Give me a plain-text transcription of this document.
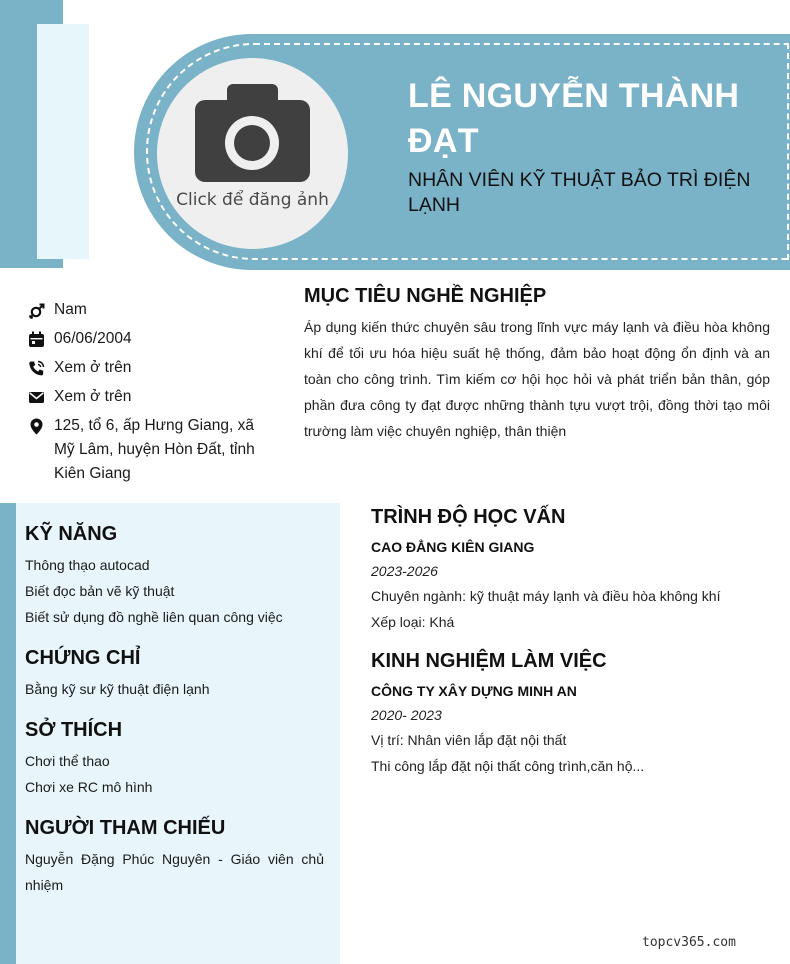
Click để đăng ảnh
LÊ NGUYỄN THÀNH ĐẠT
NHÂN VIÊN KỸ THUẬT BẢO TRÌ ĐIỆN LẠNH
Nam
06/06/2004
Xem ở trên
Xem ở trên
125, tổ 6, ấp Hưng Giang, xã Mỹ Lâm, huyện Hòn Đất, tỉnh Kiên Giang
MỤC TIÊU NGHỀ NGHIỆP
Áp dụng kiến thức chuyên sâu trong lĩnh vực máy lạnh và điều hòa không khí để tối ưu hóa hiệu suất hệ thống, đảm bảo hoạt động ổn định và an toàn cho công trình. Tìm kiếm cơ hội học hỏi và phát triển bản thân, góp phần đưa công ty đạt được những thành tựu vượt trội, đồng thời tạo môi trường làm việc chuyên nghiệp, thân thiện
KỸ NĂNG
Thông thạo autocad
Biết đọc bản vẽ kỹ thuật
Biết sử dụng đồ nghề liên quan công việc
CHỨNG CHỈ
Bằng kỹ sư kỹ thuật điện lạnh
SỞ THÍCH
Chơi thể thao
Chơi xe RC mô hình
NGƯỜI THAM CHIẾU
Nguyễn Đặng Phúc Nguyên - Giáo viên chủ nhiệm
TRÌNH ĐỘ HỌC VẤN
CAO ĐẲNG KIÊN GIANG
2023-2026
Chuyên ngành: kỹ thuật máy lạnh và điều hòa không khí
Xếp loại: Khá
KINH NGHIỆM LÀM VIỆC
CÔNG TY XÂY DỰNG MINH AN
2020- 2023
Vị trí: Nhân viên lắp đặt nội thất
Thi công lắp đặt nội thất công trình,căn hộ...
topcv365.com
